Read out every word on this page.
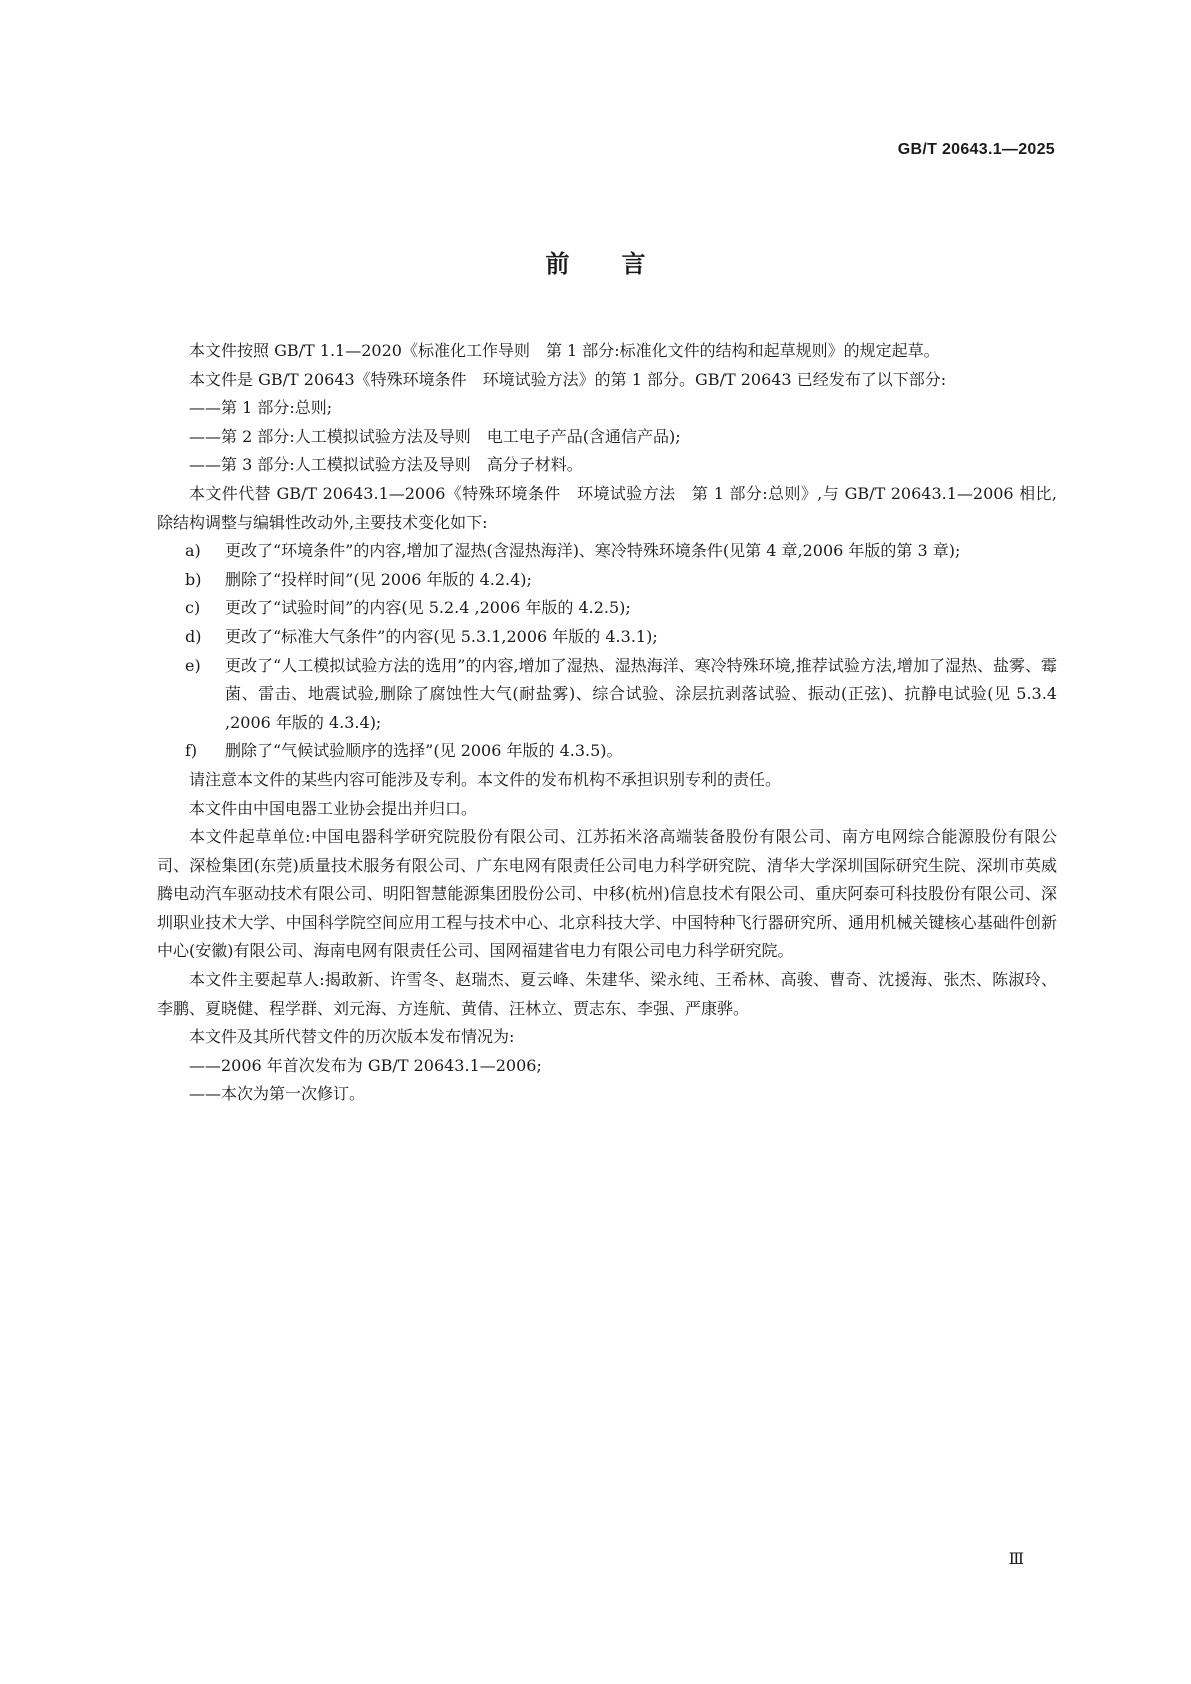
GB/T 20643.1—2025
前言

本文件按照 GB/T 1.1—2020《标准化工作导则　第 1 部分:标准化文件的结构和起草规则》的规定起草。

本文件是 GB/T 20643《特殊环境条件　环境试验方法》的第 1 部分。GB/T 20643 已经发布了以下部分:

——第 1 部分:总则;

——第 2 部分:人工模拟试验方法及导则　电工电子产品(含通信产品);

——第 3 部分:人工模拟试验方法及导则　高分子材料。

本文件代替 GB/T 20643.1—2006《特殊环境条件　环境试验方法　第 1 部分:总则》,与 GB/T 20643.1—2006 相比,除结构调整与编辑性改动外,主要技术变化如下:

a)	更改了“环境条件”的内容,增加了湿热(含湿热海洋)、寒冷特殊环境条件(见第 4 章,2006 年版的第 3 章);
b)	删除了“投样时间”(见 2006 年版的 4.2.4);
c)	更改了“试验时间”的内容(见 5.2.4 ,2006 年版的 4.2.5);
d)	更改了“标准大气条件”的内容(见 5.3.1,2006 年版的 4.3.1);
e)	更改了“人工模拟试验方法的选用”的内容,增加了湿热、湿热海洋、寒冷特殊环境,推荐试验方法,增加了湿热、盐雾、霉菌、雷击、地震试验,删除了腐蚀性大气(耐盐雾)、综合试验、涂层抗剥落试验、振动(正弦)、抗静电试验(见 5.3.4 ,2006 年版的 4.3.4);
f)	删除了“气候试验顺序的选择”(见 2006 年版的 4.3.5)。

请注意本文件的某些内容可能涉及专利。本文件的发布机构不承担识别专利的责任。

本文件由中国电器工业协会提出并归口。

本文件起草单位:中国电器科学研究院股份有限公司、江苏拓米洛高端装备股份有限公司、南方电网综合能源股份有限公司、深检集团(东莞)质量技术服务有限公司、广东电网有限责任公司电力科学研究院、清华大学深圳国际研究生院、深圳市英威腾电动汽车驱动技术有限公司、明阳智慧能源集团股份公司、中移(杭州)信息技术有限公司、重庆阿泰可科技股份有限公司、深圳职业技术大学、中国科学院空间应用工程与技术中心、北京科技大学、中国特种飞行器研究所、通用机械关键核心基础件创新中心(安徽)有限公司、海南电网有限责任公司、国网福建省电力有限公司电力科学研究院。

本文件主要起草人:揭敢新、许雪冬、赵瑞杰、夏云峰、朱建华、梁永纯、王希林、高骏、曹奇、沈援海、张杰、陈淑玲、李鹏、夏晓健、程学群、刘元海、方连航、黄倩、汪林立、贾志东、李强、严康骅。

本文件及其所代替文件的历次版本发布情况为:

——2006 年首次发布为 GB/T 20643.1—2006;

——本次为第一次修订。

Ⅲ
